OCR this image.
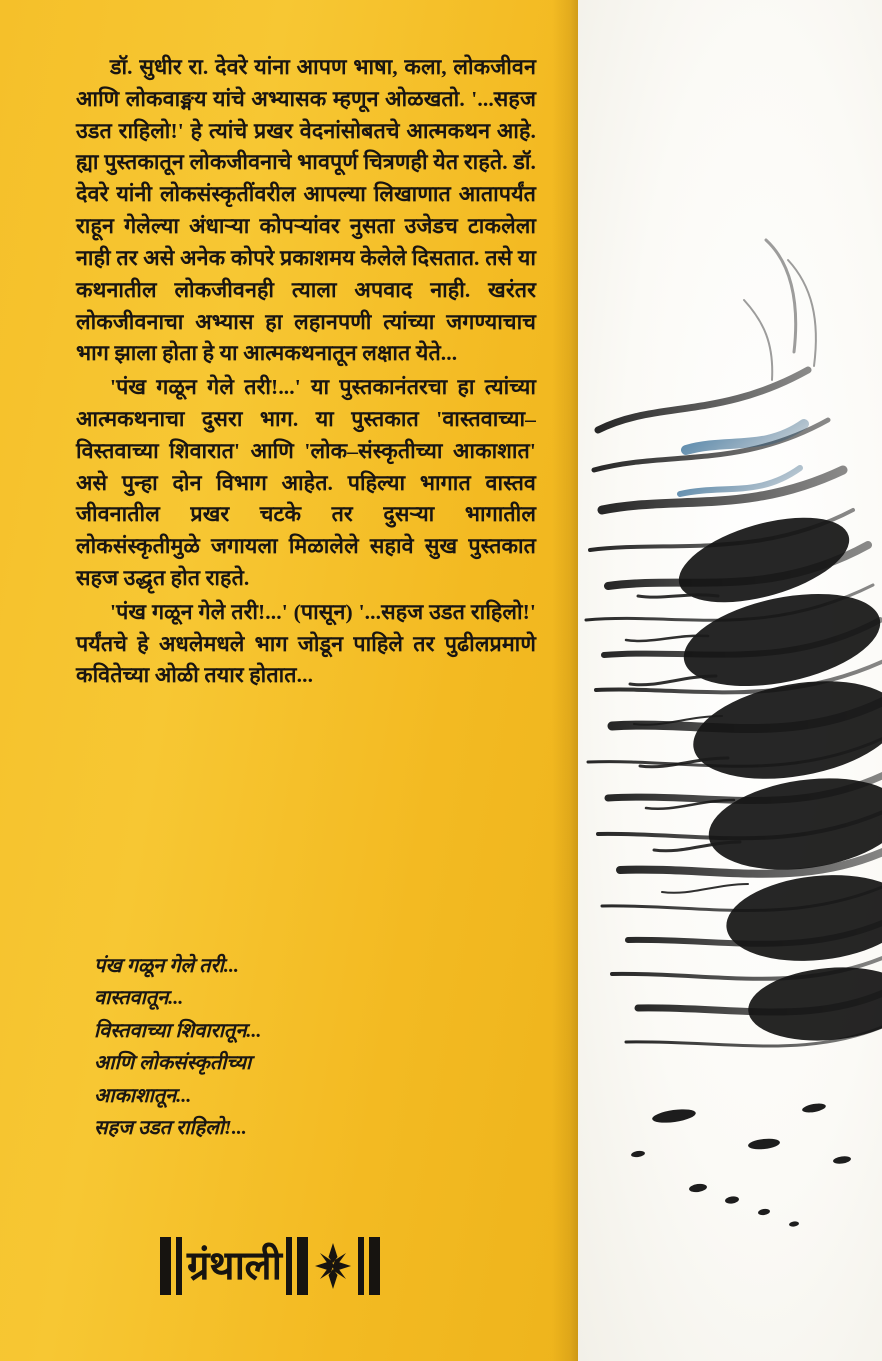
डॉ. सुधीर रा. देवरे यांना आपण भाषा, कला, लोकजीवन आणि लोकवाङ्मय यांचे अभ्यासक म्हणून ओळखतो. '...सहज उडत राहिलो!' हे त्यांचे प्रखर वेदनांसोबतचे आत्मकथन आहे. ह्या पुस्तकातून लोकजीवनाचे भावपूर्ण चित्रणही येत राहते. डॉ. देवरे यांनी लोकसंस्कृतींवरील आपल्या लिखाणात आतापर्यंत राहून गेलेल्या अंधाऱ्या कोपऱ्यांवर नुसता उजेडच टाकलेला नाही तर असे अनेक कोपरे प्रकाशमय केलेले दिसतात. तसे या कथनातील लोकजीवनही त्याला अपवाद नाही. खरंतर लोकजीवनाचा अभ्यास हा लहानपणी त्यांच्या जगण्याचाच भाग झाला होता हे या आत्मकथनातून लक्षात येते...

'पंख गळून गेले तरी!...' या पुस्तकानंतरचा हा त्यांच्या आत्मकथनाचा दुसरा भाग. या पुस्तकात 'वास्तवाच्या–विस्तवाच्या शिवारात' आणि 'लोक–संस्कृतीच्या आकाशात' असे पुन्हा दोन विभाग आहेत. पहिल्या भागात वास्तव जीवनातील प्रखर चटके तर दुसऱ्या भागातील लोकसंस्कृतीमुळे जगायला मिळालेले सहावे सुख पुस्तकात सहज उद्धृत होत राहते.

'पंख गळून गेले तरी!...' (पासून) '...सहज उडत राहिलो!' पर्यंतचे हे अधलेमधले भाग जोडून पाहिले तर पुढीलप्रमाणे कवितेच्या ओळी तयार होतात...

पंख गळून गेले तरी...
वास्तवातून...
विस्तवाच्या शिवारातून...
आणि लोकसंस्कृतीच्या
आकाशातून...
सहज उडत राहिलो!...
ग्रंथाली
